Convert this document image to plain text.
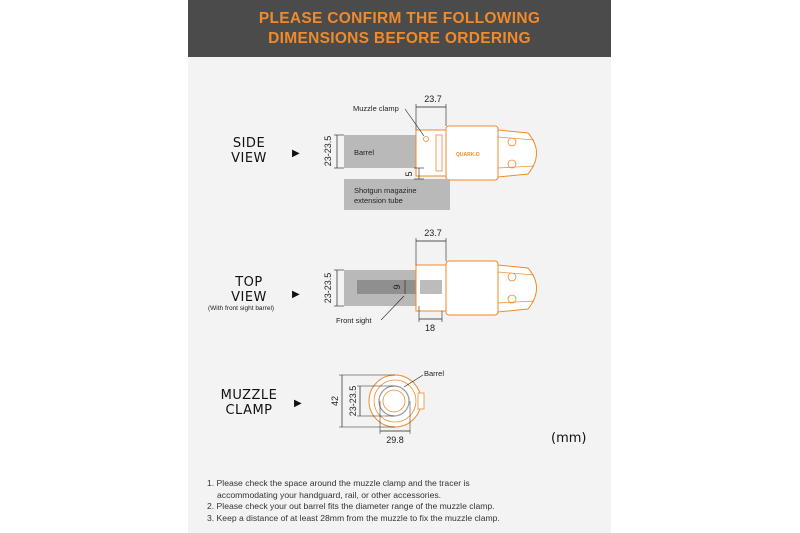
PLEASE CONFIRM THE FOLLOWING
DIMENSIONS BEFORE ORDERING
SIDE
VIEW	▶
TOP
VIEW
(With front sight barrel)
▶
MUZZLE
CLAMP	▶
QUARK-D
Barrel
Shotgun magazine
extension tube
23-23.5
23.7
Muzzle clamp
5
23-23.5
23.7
9
Front sight
18
Barrel
42 23-23.5
29.8	(mm)
1. Please check the space around the muzzle clamp and the tracer is
accommodating your handguard, rail, or other accessories.
2. Please check your out barrel fits the diameter range of the muzzle clamp.
3. Keep a distance of at least 28mm from the muzzle to fix the muzzle clamp.
